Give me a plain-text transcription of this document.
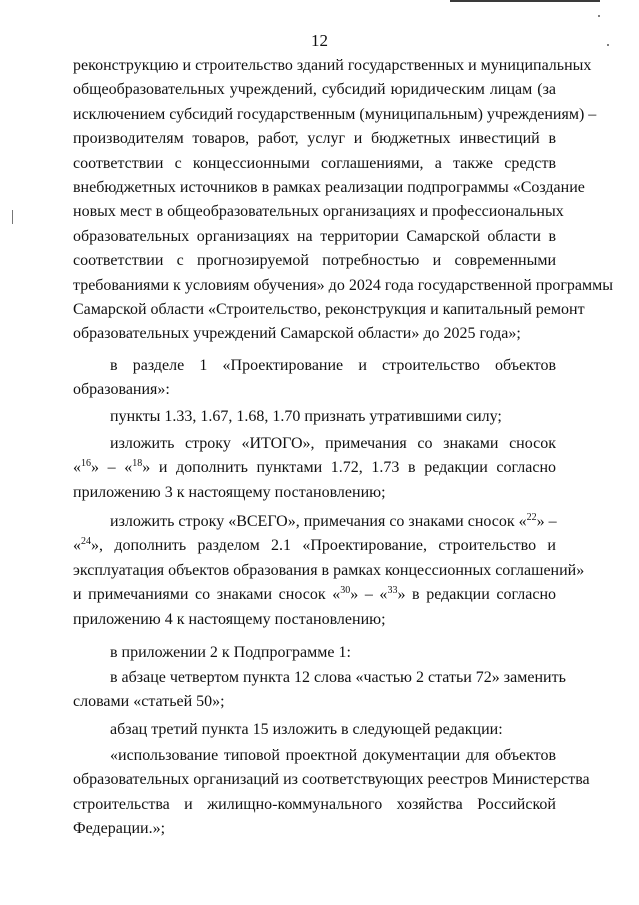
12
реконструкцию и строительство зданий государственных и муниципальных
общеобразовательных учреждений, субсидий юридическим лицам (за
исключением субсидий государственным (муниципальным) учреждениям) –
производителям товаров, работ, услуг и бюджетных инвестиций в
соответствии с концессионными соглашениями, а также средств
внебюджетных источников в рамках реализации подпрограммы «Создание
новых мест в общеобразовательных организациях и профессиональных
образовательных организациях на территории Самарской области в
соответствии с прогнозируемой потребностью и современными
требованиями к условиям обучения» до 2024 года государственной программы
Самарской области «Строительство, реконструкция и капитальный ремонт
образовательных учреждений Самарской области» до 2025 года»;
в разделе 1 «Проектирование и строительство объектов
образования»:
пункты 1.33, 1.67, 1.68, 1.70 признать утратившими силу;
изложить строку «ИТОГО», примечания со знаками сносок
«$^{16}$» – «$^{18}$» и дополнить пунктами 1.72, 1.73 в редакции согласно
приложению 3 к настоящему постановлению;
изложить строку «ВСЕГО», примечания со знаками сносок «$^{22}$» –
«$^{24}$», дополнить разделом 2.1 «Проектирование, строительство и
эксплуатация объектов образования в рамках концессионных соглашений»
и примечаниями со знаками сносок «$^{30}$» – «$^{33}$» в редакции согласно
приложению 4 к настоящему постановлению;
в приложении 2 к Подпрограмме 1:
в абзаце четвертом пункта 12 слова «частью 2 статьи 72» заменить
словами «статьей 50»;
абзац третий пункта 15 изложить в следующей редакции:
«использование типовой проектной документации для объектов
образовательных организаций из соответствующих реестров Министерства
строительства и жилищно-коммунального хозяйства Российской
Федерации.»;
